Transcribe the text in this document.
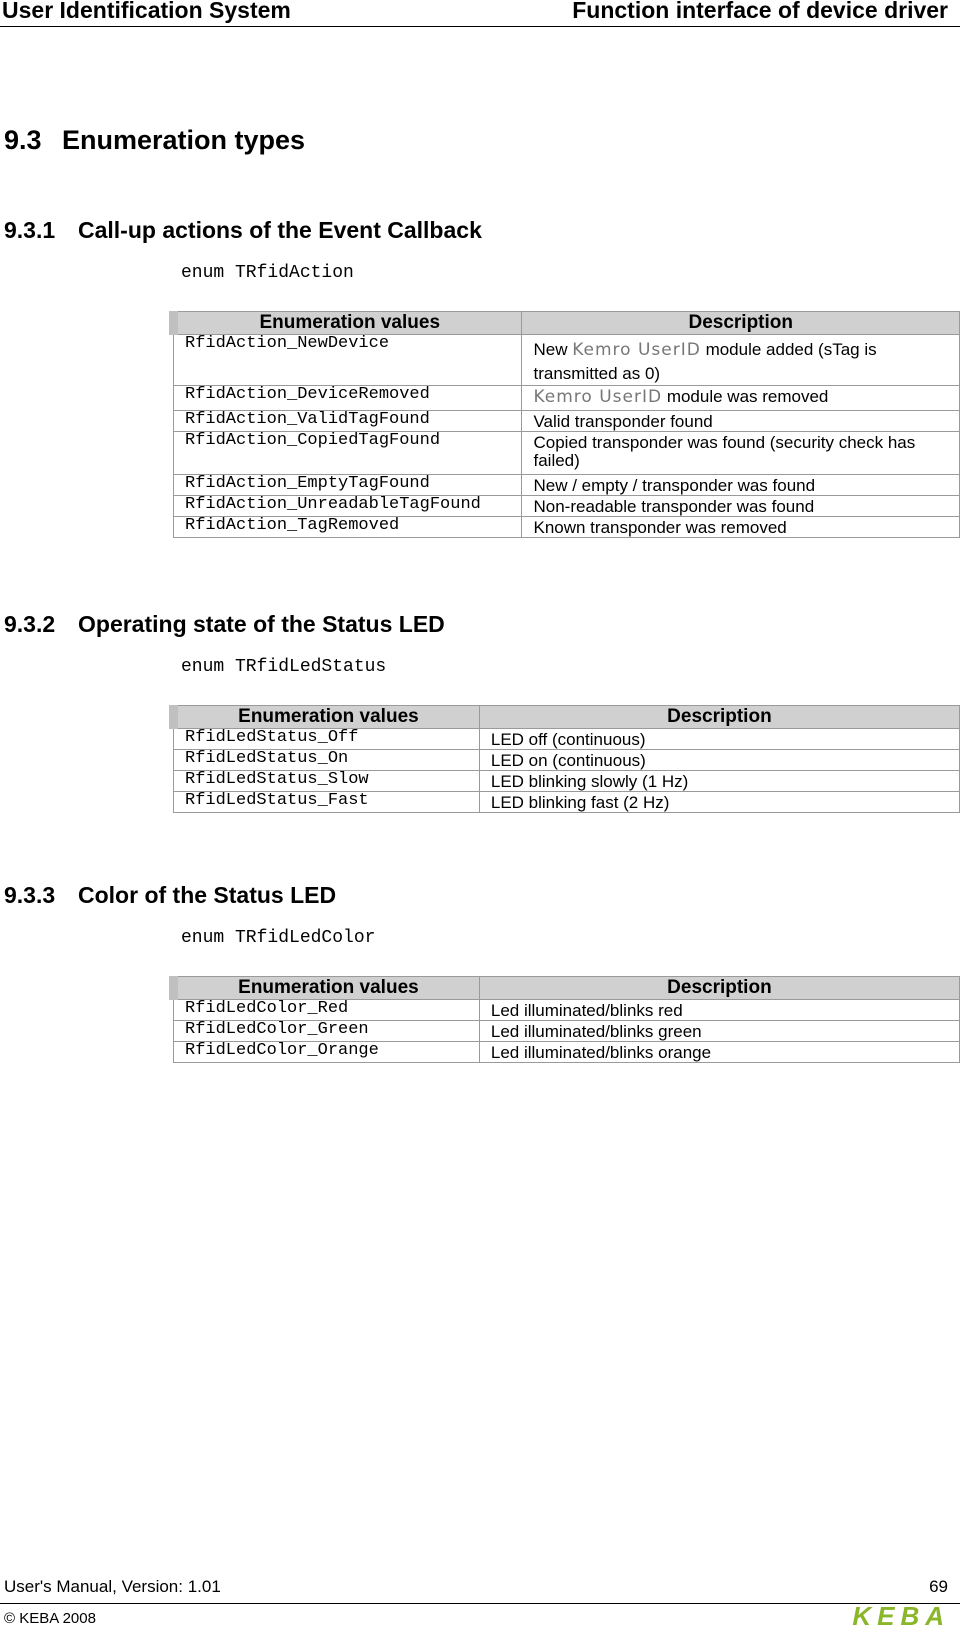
User Identification System	Function interface of device driver
9.3 Enumeration types
9.3.1 Call-up actions of the Event Callback
enum TRfidAction
Enumeration values	Description
RfidAction_NewDevice	New Kemro UserID module added (sTag is transmitted as 0)
RfidAction_DeviceRemoved	Kemro UserID module was removed
RfidAction_ValidTagFound	Valid transponder found
RfidAction_CopiedTagFound	Copied transponder was found (security check has failed)
RfidAction_EmptyTagFound	New / empty / transponder was found
RfidAction_UnreadableTagFound	Non-readable transponder was found
RfidAction_TagRemoved	Known transponder was removed
9.3.2 Operating state of the Status LED
enum TRfidLedStatus
Enumeration values	Description
RfidLedStatus_Off	LED off (continuous)
RfidLedStatus_On	LED on (continuous)
RfidLedStatus_Slow	LED blinking slowly (1 Hz)
RfidLedStatus_Fast	LED blinking fast (2 Hz)
9.3.3 Color of the Status LED
enum TRfidLedColor
Enumeration values	Description
RfidLedColor_Red	Led illuminated/blinks red
RfidLedColor_Green	Led illuminated/blinks green
RfidLedColor_Orange	Led illuminated/blinks orange
User's Manual, Version: 1.01	69
© KEBA 2008	KEBA
